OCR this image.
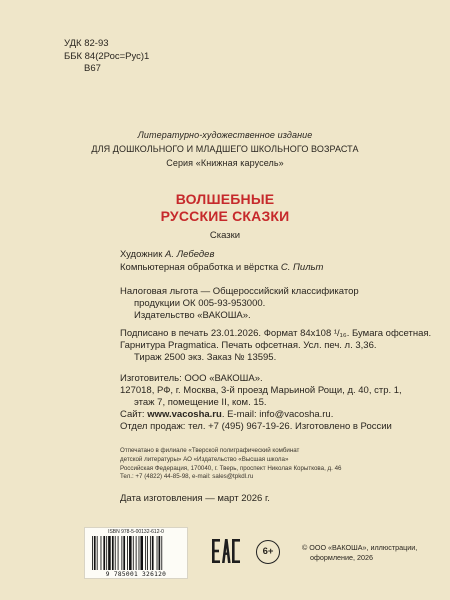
УДК 82-93
ББК 84(2Рос=Рус)1
В67
Литературно-художественное издание
ДЛЯ ДОШКОЛЬНОГО И МЛАДШЕГО ШКОЛЬНОГО ВОЗРАСТА
Серия «Книжная карусель»
ВОЛШЕБНЫЕ
РУССКИЕ СКАЗКИ
Сказки
Художник А. Лебедев
Компьютерная обработка и вёрстка С. Пильт
Налоговая льгота — Общероссийский классификатор
продукции ОК 005-93-953000.
Издательство «ВАКОША».
Подписано в печать 23.01.2026. Формат 84х108 ¹/₁₆. Бумага офсетная.
Гарнитура Pragmatica. Печать офсетная. Усл. печ. л. 3,36.
Тираж 2500 экз. Заказ № 13595.
Изготовитель: ООО «ВАКОША».
127018, РФ, г. Москва, 3-й проезд Марьиной Рощи, д. 40, стр. 1,
этаж 7, помещение II, ком. 15.
Сайт: www.vacosha.ru. E-mail: info@vacosha.ru.
Отдел продаж: тел. +7 (495) 967-19-26. Изготовлено в России
Отпечатано в филиале «Тверской полиграфический комбинат
детской литературы» АО «Издательство «Высшая школа»
Российская Федерация, 170040, г. Тверь, проспект Николая Корыткова, д. 46
Тел.: +7 (4822) 44-85-98, e-mail: sales@tpkdl.ru
Дата изготовления — март 2026 г.
ISBN 978-5-00132-612-0
9 785001 326120
6+	© ООО «ВАКОША», иллюстрации,
оформление, 2026
